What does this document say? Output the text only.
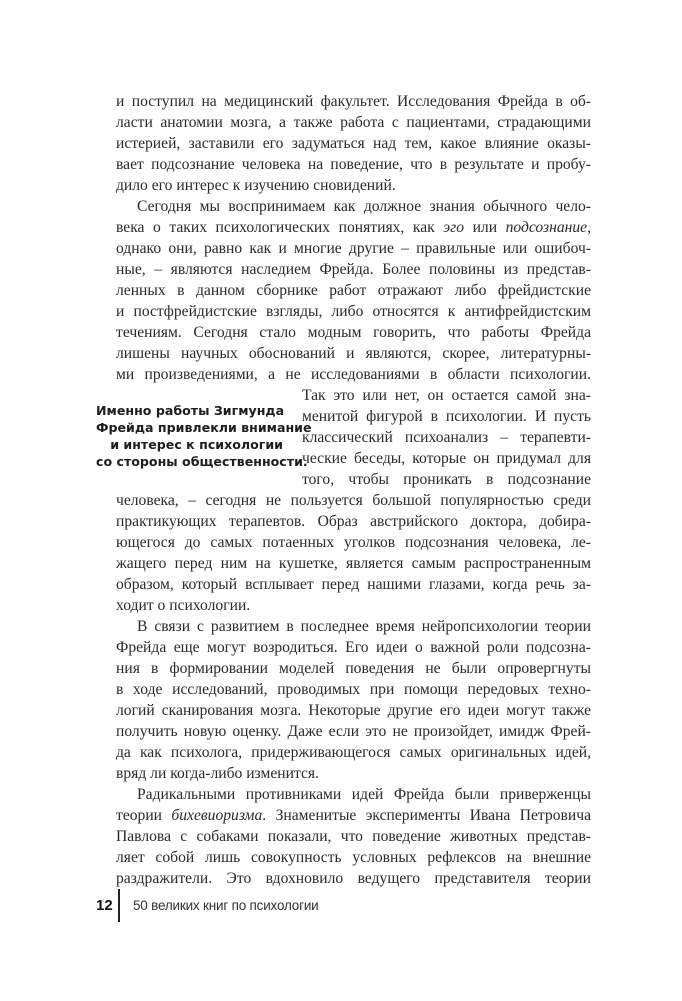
и поступил на медицинский факультет. Исследования Фрейда в об-
ласти анатомии мозга, а также работа с пациентами, страдающими
истерией, заставили его задуматься над тем, какое влияние оказы-
вает подсознание человека на поведение, что в результате и пробу-
дило его интерес к изучению сновидений.
Сегодня мы воспринимаем как должное знания обычного чело-
века о таких психологических понятиях, как эго или подсознание,
однако они, равно как и многие другие – правильные или ошибоч-
ные, – являются наследием Фрейда. Более половины из представ-
ленных в данном сборнике работ отражают либо фрейдистские
и постфрейдистские взгляды, либо относятся к антифрейдистским
течениям. Сегодня стало модным говорить, что работы Фрейда
лишены научных обоснований и являются, скорее, литературны-
ми произведениями, а не исследованиями в области психологии.
Так это или нет, он остается самой зна-
менитой фигурой в психологии. И пусть
классический психоанализ – терапевти-
ческие беседы, которые он придумал для
того, чтобы проникать в подсознание
Именно работы Зигмунда
Фрейда привлекли внимание
и интерес к психологии
со стороны общественности.
человека, – сегодня не пользуется большой популярностью среди
практикующих терапевтов. Образ австрийского доктора, добира-
ющегося до самых потаенных уголков подсознания человека, ле-
жащего перед ним на кушетке, является самым распространенным
образом, который всплывает перед нашими глазами, когда речь за-
ходит о психологии.
В связи с развитием в последнее время нейропсихологии теории
Фрейда еще могут возродиться. Его идеи о важной роли подсозна-
ния в формировании моделей поведения не были опровергнуты
в ходе исследований, проводимых при помощи передовых техно-
логий сканирования мозга. Некоторые другие его идеи могут также
получить новую оценку. Даже если это не произойдет, имидж Фрей-
да как психолога, придерживающегося самых оригинальных идей,
вряд ли когда-либо изменится.
Радикальными противниками идей Фрейда были приверженцы
теории бихевиоризма. Знаменитые эксперименты Ивана Петровича
Павлова с собаками показали, что поведение животных представ-
ляет собой лишь совокупность условных рефлексов на внешние
раздражители. Это вдохновило ведущего представителя теории
12 50 великих книг по психологии
